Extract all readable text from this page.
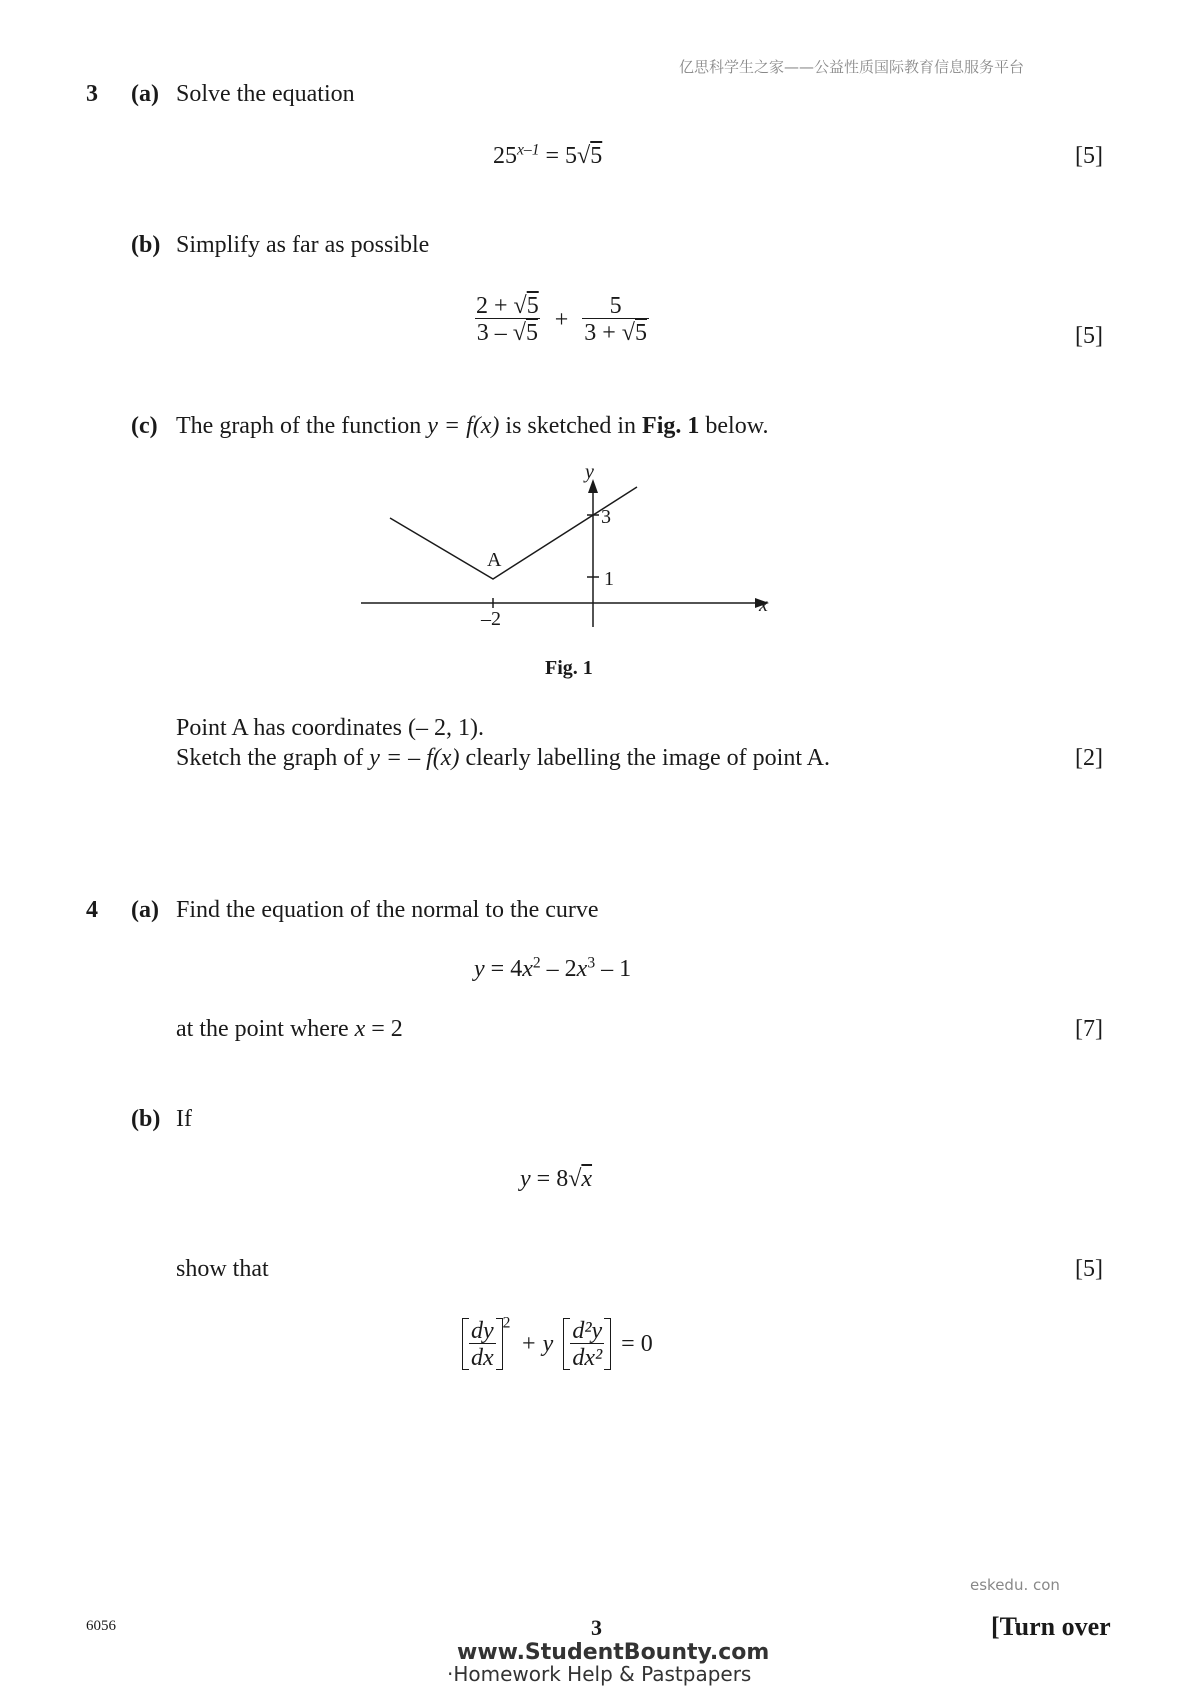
亿思科学生之家——公益性质国际教育信息服务平台
3 (a) Solve the equation
$25^{x-1} = 5√5$	[5]
(b) Simplify as far as possible
$\frac{2 + √5}{3 - √5} + \frac{5}{3 + √5}$	[5]
(c) The graph of the function y = f(x) is sketched in Fig. 1 below.
y
x
A
3
1
–2
Fig. 1
Point A has coordinates (– 2, 1).
Sketch the graph of y = – f(x) clearly labelling the image of point A.	[2]
4 (a) Find the equation of the normal to the curve
$y = 4x^2 - 2x^3 - 1$
at the point where x = 2	[7]
(b) If
y = 8√x
show that	[5]
$\frac{dy}{dx} ^2 + y \frac{\text{d²y}}{\text{dx²}} = 0$
eskedu. con
6056	3	[Turn over
www.StudentBounty.com
·Homework Help & Pastpapers
